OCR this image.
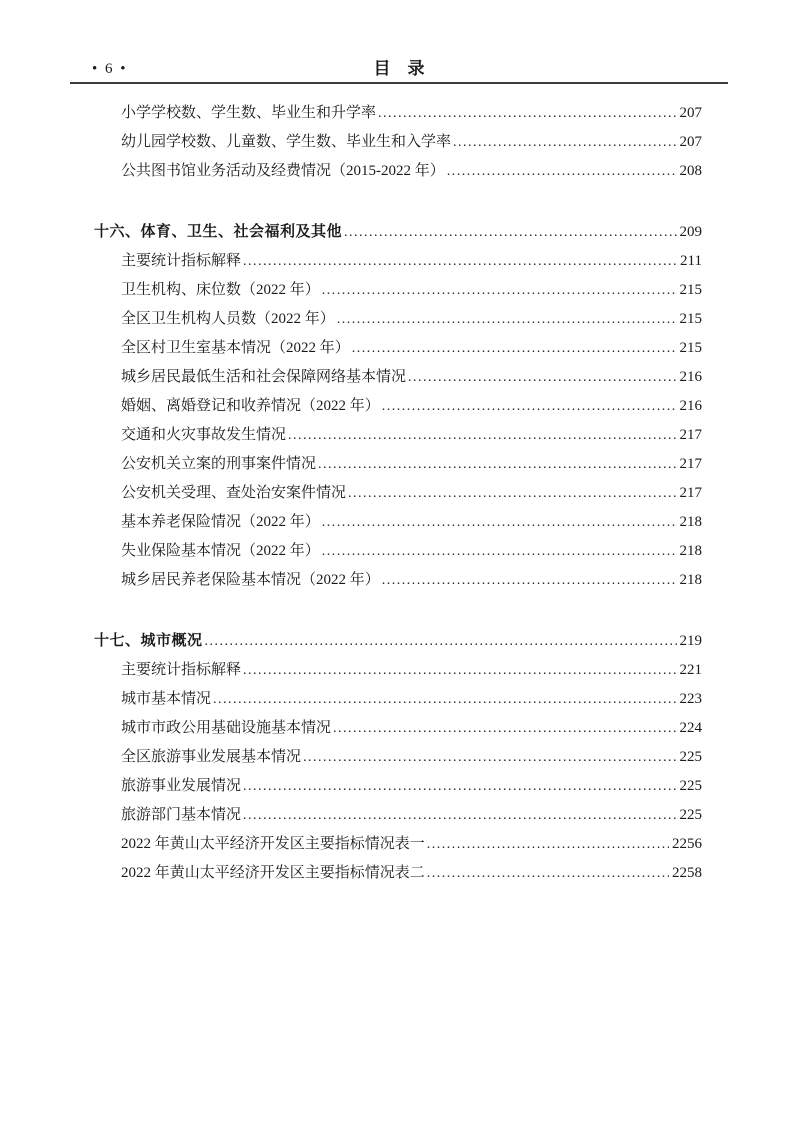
• 6 •	目　录
小学学校数、学生数、毕业生和升学率 .....	207
幼儿园学校数、儿童数、学生数、毕业生和入学率 .....	207
公共图书馆业务活动及经费情况（2015-2022 年） .....	208
十六、体育、卫生、社会福利及其他 .....	209
主要统计指标解释 .....	211
卫生机构、床位数（2022 年） .....	215
全区卫生机构人员数（2022 年） .....	215
全区村卫生室基本情况（2022 年） .....	215
城乡居民最低生活和社会保障网络基本情况 .....	216
婚姻、离婚登记和收养情况（2022 年） .....	216
交通和火灾事故发生情况 .....	217
公安机关立案的刑事案件情况 .....	217
公安机关受理、查处治安案件情况 .....	217
基本养老保险情况（2022 年） .....	218
失业保险基本情况（2022 年） .....	218
城乡居民养老保险基本情况（2022 年） .....	218
十七、城市概况 .....	219
主要统计指标解释 .....	221
城市基本情况 .....	223
城市市政公用基础设施基本情况 .....	224
全区旅游事业发展基本情况 .....	225
旅游事业发展情况 .....	225
旅游部门基本情况 .....	225
2022 年黄山太平经济开发区主要指标情况表一 .....	2256
2022 年黄山太平经济开发区主要指标情况表二 .....	2258
